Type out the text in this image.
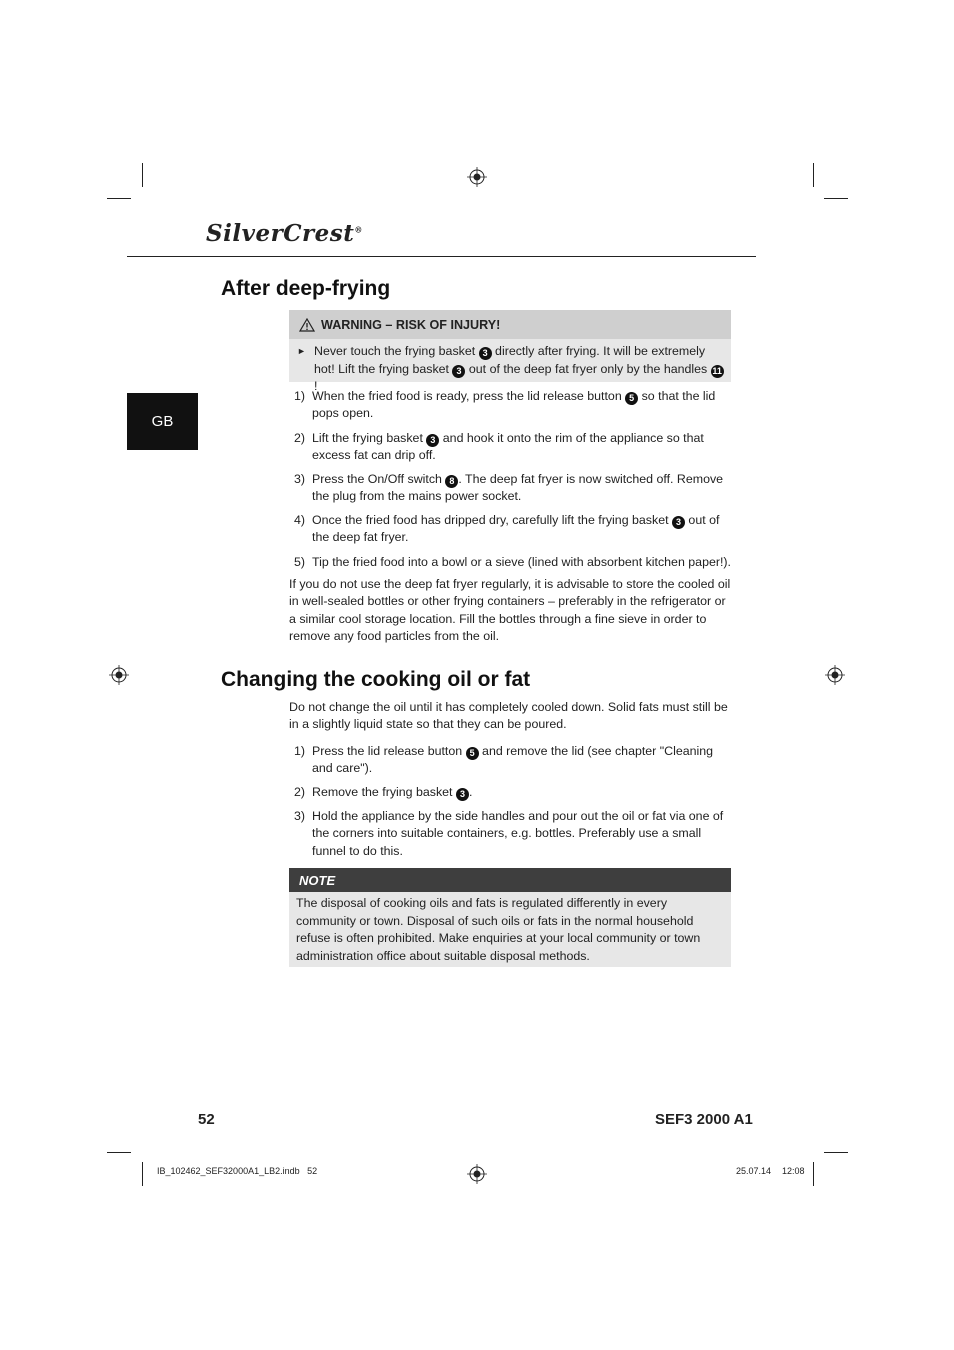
SilverCrest®
GB
After deep-frying
WARNING – RISK OF INJURY!
► Never touch the frying basket 3 directly after frying. It will be extremely hot! Lift the frying basket 3 out of the deep fat fryer only by the handles 11!
1) When the fried food is ready, press the lid release button 5 so that the lid pops open.
2) Lift the frying basket 3 and hook it onto the rim of the appliance so that excess fat can drip off.
3) Press the On/Off switch 8 . The deep fat fryer is now switched off. Remove the plug from the mains power socket.
4) Once the fried food has dripped dry, carefully lift the frying basket 3 out of the deep fat fryer.
5) Tip the fried food into a bowl or a sieve (lined with absorbent kitchen paper!).

If you do not use the deep fat fryer regularly, it is advisable to store the cooled oil in well-sealed bottles or other frying containers – preferably in the refrigerator or a similar cool storage location. Fill the bottles through a fine sieve in order to remove any food particles from the oil.

Changing the cooking oil or fat

Do not change the oil until it has completely cooled down. Solid fats must still be in a slightly liquid state so that they can be poured.

1) Press the lid release button 5 and remove the lid (see chapter "Cleaning and care").
2) Remove the frying basket 3 .
3) Hold the appliance by the side handles and pour out the oil or fat via one of the corners into suitable containers, e.g. bottles. Preferably use a small funnel to do this.
NOTE
The disposal of cooking oils and fats is regulated differently in every community or town. Disposal of such oils or fats in the normal household refuse is often prohibited. Make enquiries at your local community or town administration office about suitable disposal methods.
52	SEF3 2000 A1
IB_102462_SEF32000A1_LB2.indb   52	25.07.14 12:08
